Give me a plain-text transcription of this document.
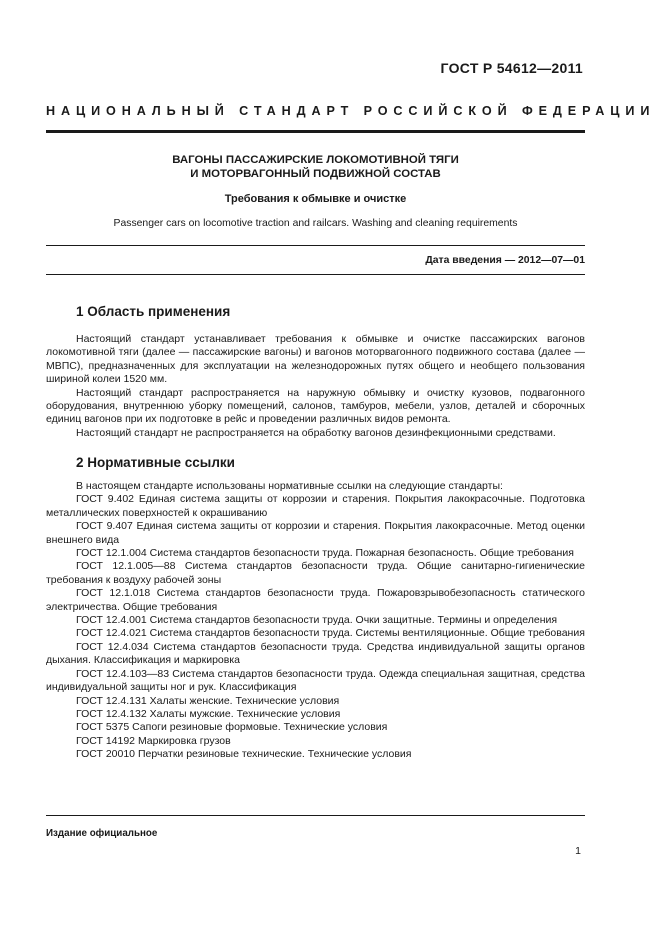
ГОСТ Р 54612—2011
НАЦИОНАЛЬНЫЙ СТАНДАРТ РОССИЙСКОЙ ФЕДЕРАЦИИ
ВАГОНЫ ПАССАЖИРСКИЕ ЛОКОМОТИВНОЙ ТЯГИ
И МОТОРВАГОННЫЙ ПОДВИЖНОЙ СОСТАВ
Требования к обмывке и очистке
Passenger cars on locomotive traction and railcars. Washing and cleaning requirements
Дата введения — 2012—07—01
1 Область применения

Настоящий стандарт устанавливает требования к обмывке и очистке пассажирских вагонов локомотивной тяги (далее — пассажирские вагоны) и вагонов моторвагонного подвижного состава (далее — МВПС), предназначенных для эксплуатации на железнодорожных путях общего и необщего пользования шириной колеи 1520 мм.

Настоящий стандарт распространяется на наружную обмывку и очистку кузовов, подвагонного оборудования, внутреннюю уборку помещений, салонов, тамбуров, мебели, узлов, деталей и сборочных единиц вагонов при их подготовке в рейс и проведении различных видов ремонта.

Настоящий стандарт не распространяется на обработку вагонов дезинфекционными средствами.

2 Нормативные ссылки

В настоящем стандарте использованы нормативные ссылки на следующие стандарты:

ГОСТ 9.402 Единая система защиты от коррозии и старения. Покрытия лакокрасочные. Подготовка металлических поверхностей к окрашиванию

ГОСТ 9.407 Единая система защиты от коррозии и старения. Покрытия лакокрасочные. Метод оценки внешнего вида

ГОСТ 12.1.004 Система стандартов безопасности труда. Пожарная безопасность. Общие требования

ГОСТ 12.1.005—88 Система стандартов безопасности труда. Общие санитарно-гигиенические требования к воздуху рабочей зоны

ГОСТ 12.1.018 Система стандартов безопасности труда. Пожаровзрывобезопасность статического электричества. Общие требования

ГОСТ 12.4.001 Система стандартов безопасности труда. Очки защитные. Термины и определения

ГОСТ 12.4.021 Система стандартов безопасности труда. Системы вентиляционные. Общие требования

ГОСТ 12.4.034 Система стандартов безопасности труда. Средства индивидуальной защиты органов дыхания. Классификация и маркировка

ГОСТ 12.4.103—83 Система стандартов безопасности труда. Одежда специальная защитная, средства индивидуальной защиты ног и рук. Классификация

ГОСТ 12.4.131 Халаты женские. Технические условия

ГОСТ 12.4.132 Халаты мужские. Технические условия

ГОСТ 5375 Сапоги резиновые формовые. Технические условия

ГОСТ 14192 Маркировка грузов

ГОСТ 20010 Перчатки резиновые технические. Технические условия

Издание официальное
1
